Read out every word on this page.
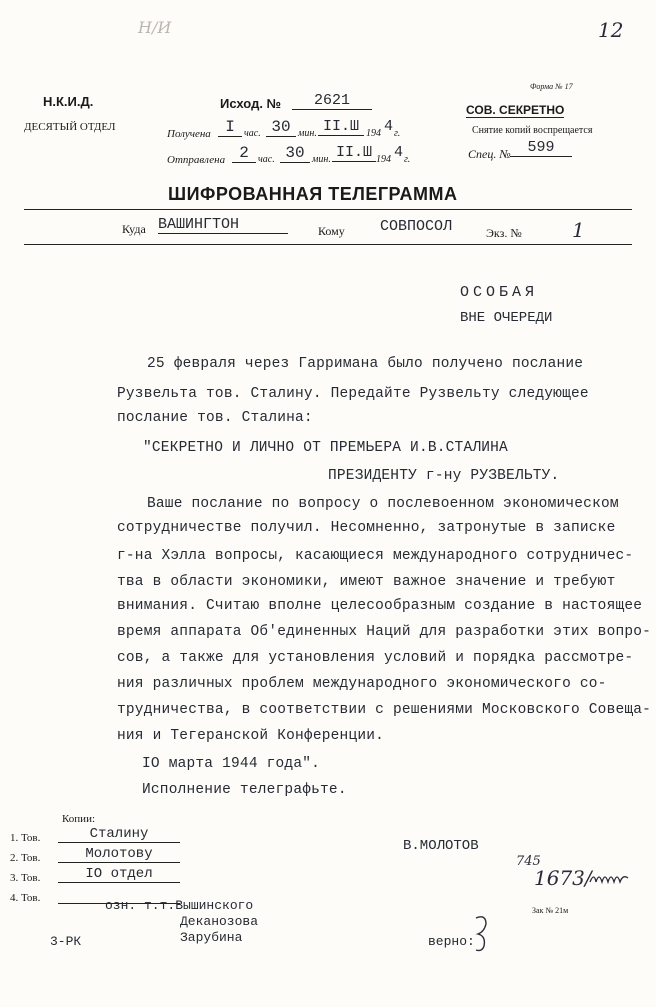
12
Н/И
Н.К.И.Д.
ДЕСЯТЫЙ ОТДЕЛ
Форма № 17
СОВ. СЕКРЕТНО
Снятие копий воспрещается
Спец. №	599
Исход. №	2621
Получена I час. 30 мин. II.Ш 194 4 г.
Отправлена 2 час. 30 мин. II.Ш 194 4 г.
ШИФРОВАННАЯ ТЕЛЕГРАММА
Куда ВАШИНГТОН	Кому СОВПОСОЛ	Экз. №	1
ОСОБАЯ
ВНЕ ОЧЕРЕДИ
25 февраля через Гарримана было получено послание
Рузвельта тов. Сталину. Передайте Рузвельту следующее
послание тов. Сталина:
"СЕКРЕТНО И ЛИЧНО ОТ ПРЕМЬЕРА И.В.СТАЛИНА
ПРЕЗИДЕНТУ г-ну РУЗВЕЛЬТУ.
Ваше послание по вопросу о послевоенном экономическом
сотрудничестве получил. Несомненно, затронутые в записке
г-на Хэлла вопросы, касающиеся международного сотрудничес-
тва в области экономики, имеют важное значение и требуют
внимания. Считаю вполне целесообразным создание в настоящее
время аппарата Об'единенных Наций для разработки этих вопро-
сов, а также для установления условий и порядка рассмотре-
ния различных проблем международного экономического со-
трудничества, в соответствии с решениями Московского Совеща-
ния и Тегеранской Конференции.
IO марта 1944 года".
Исполнение телеграфьте.
Копии:
1. Тов.	Сталину
2. Тов.	Молотову
3. Тов.	IO отдел
4. Тов.
В.МОЛОТОВ
745
1673/
озн. т.т.Вышинского
Деканозова
Зарубина
3-РК	верно:
Зак № 21м
